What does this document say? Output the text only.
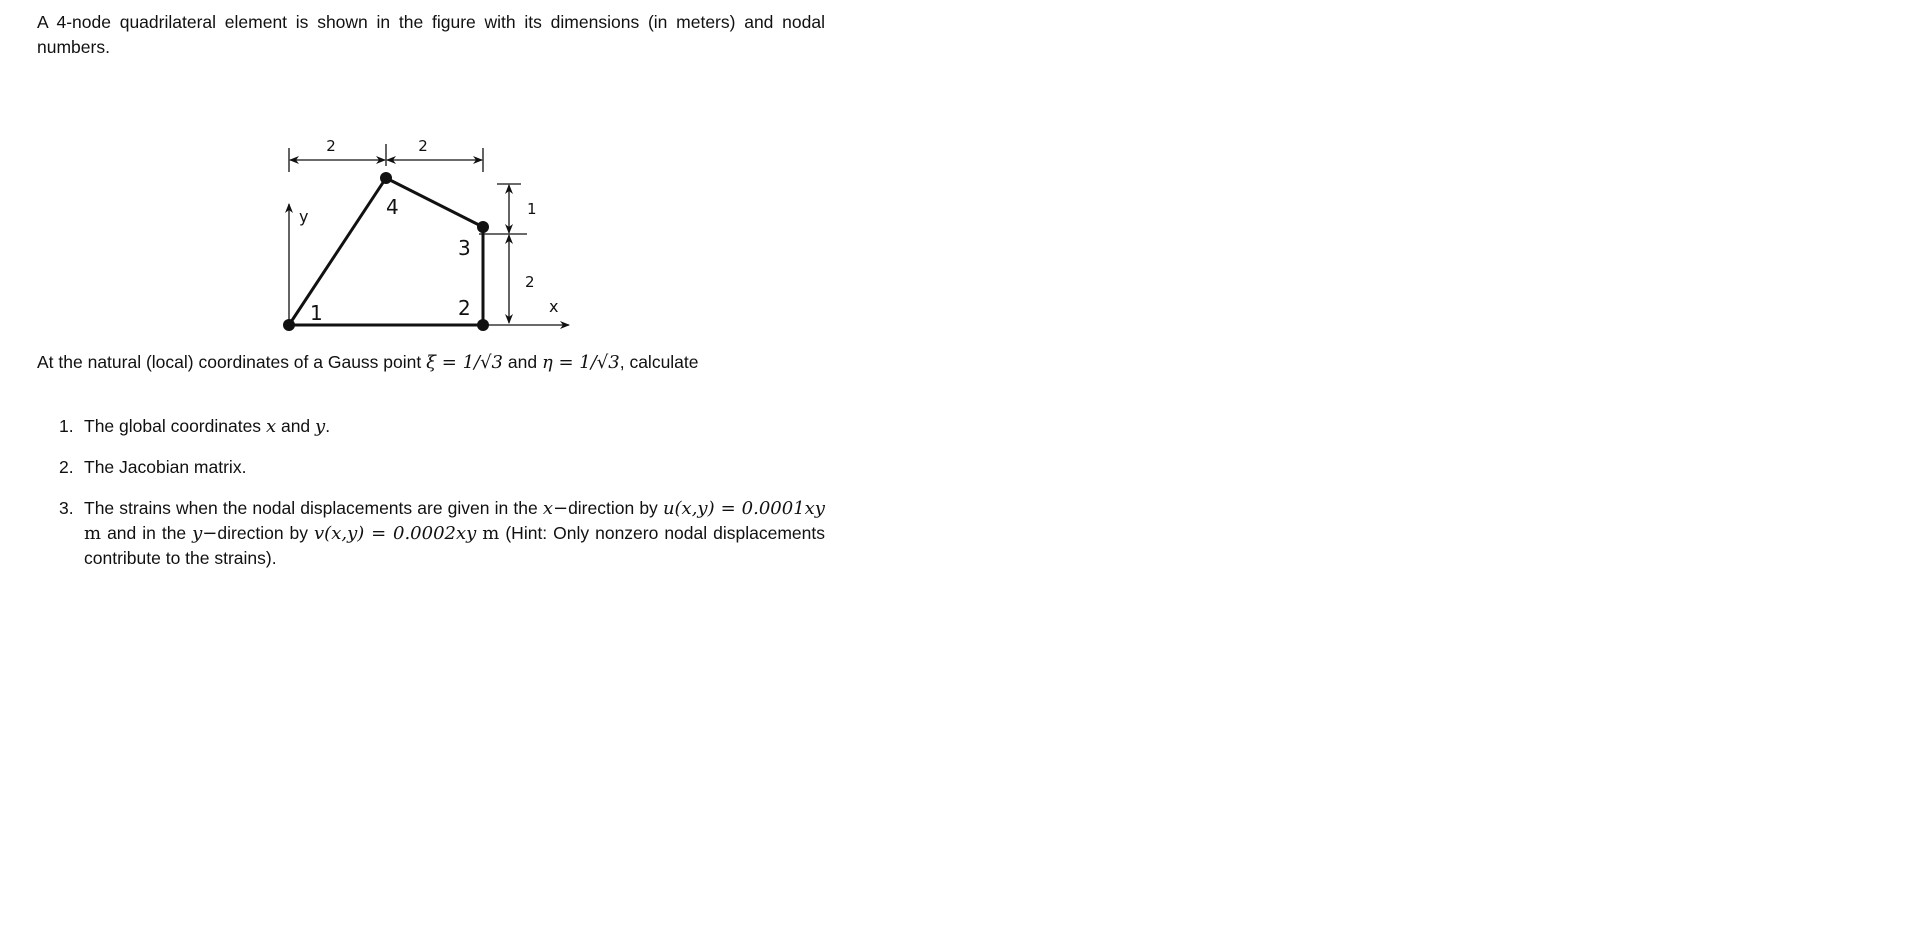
A 4-node quadrilateral element is shown in the figure with its dimensions (in meters) and nodal numbers.

2	2
1
2
y
x
1	2
3
4

At the natural (local) coordinates of a Gauss point ξ = 1/√3 and η = 1/√3, calculate

1. The global coordinates x and y.
2. The Jacobian matrix.
3. The strains when the nodal displacements are given in the x−direction by u(x,y) = 0.0001xy m and in the y−direction by v(x,y) = 0.0002xy m (Hint: Only nonzero nodal displacements contribute to the strains).
